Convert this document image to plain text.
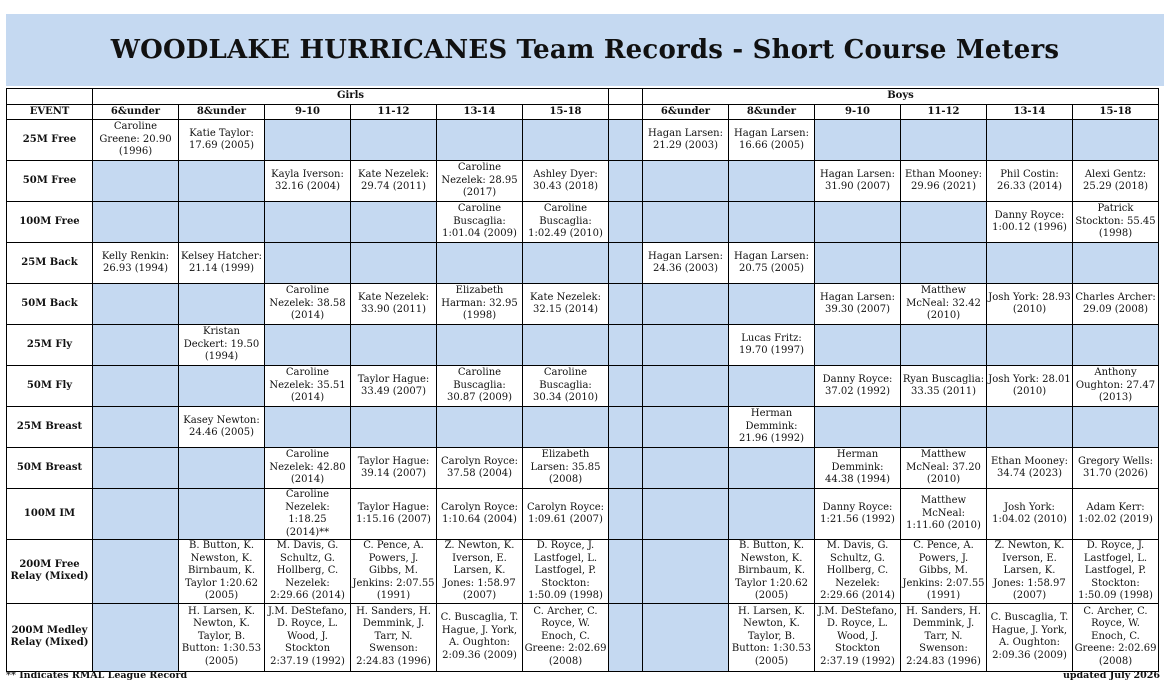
WOODLAKE HURRICANES Team Records - Short Course Meters
	Girls							Boys					
EVENT	6&under	8&under	9-10	11-12	13-14	15-18		6&under	8&under	9-10	11-12	13-14	15-18
25M Free	Caroline Greene: 20.90 (1996)	Katie Taylor: 17.69 (2005)						Hagan Larsen: 21.29 (2003)	Hagan Larsen: 16.66 (2005)				
50M Free			Kayla Iverson: 32.16 (2004)	Kate Nezelek: 29.74 (2011)	Caroline Nezelek: 28.95 (2017)	Ashley Dyer: 30.43 (2018)				Hagan Larsen: 31.90 (2007)	Ethan Mooney: 29.96 (2021)	Phil Costin: 26.33 (2014)	Alexi Gentz: 25.29 (2018)
100M Free					Caroline Buscaglia: 1:01.04 (2009)	Caroline Buscaglia: 1:02.49 (2010)						Danny Royce: 1:00.12 (1996)	Patrick Stockton: 55.45 (1998)
25M Back	Kelly Renkin: 26.93 (1994)	Kelsey Hatcher: 21.14 (1999)						Hagan Larsen: 24.36 (2003)	Hagan Larsen: 20.75 (2005)				
50M Back			Caroline Nezelek: 38.58 (2014)	Kate Nezelek: 33.90 (2011)	Elizabeth Harman: 32.95 (1998)	Kate Nezelek: 32.15 (2014)				Hagan Larsen: 39.30 (2007)	Matthew McNeal: 32.42 (2010)	Josh York: 28.93 (2010)	Charles Archer: 29.09 (2008)
25M Fly		Kristan Deckert: 19.50 (1994)							Lucas Fritz: 19.70 (1997)				
50M Fly			Caroline Nezelek: 35.51 (2014)	Taylor Hague: 33.49 (2007)	Caroline Buscaglia: 30.87 (2009)	Caroline Buscaglia: 30.34 (2010)				Danny Royce: 37.02 (1992)	Ryan Buscaglia: 33.35 (2011)	Josh York: 28.01 (2010)	Anthony Oughton: 27.47 (2013)
25M Breast		Kasey Newton: 24.46 (2005)							Herman Demmink: 21.96 (1992)				
50M Breast			Caroline Nezelek: 42.80 (2014)	Taylor Hague: 39.14 (2007)	Carolyn Royce: 37.58 (2004)	Elizabeth Larsen: 35.85 (2008)				Herman Demmink: 44.38 (1994)	Matthew McNeal: 37.20 (2010)	Ethan Mooney: 34.74 (2023)	Gregory Wells: 31.70 (2026)
100M IM			Caroline Nezelek: 1:18.25 (2014)**	Taylor Hague: 1:15.16 (2007)	Carolyn Royce: 1:10.64 (2004)	Carolyn Royce: 1:09.61 (2007)				Danny Royce: 1:21.56 (1992)	Matthew McNeal: 1:11.60 (2010)	Josh York: 1:04.02 (2010)	Adam Kerr: 1:02.02 (2019)
200M Free Relay (Mixed)		B. Button, K. Newston, K. Birnbaum, K. Taylor 1:20.62 (2005)	M. Davis, G. Schultz, G. Hollberg, C. Nezelek: 2:29.66 (2014)	C. Pence, A. Powers, J. Gibbs, M. Jenkins: 2:07.55 (1991)	Z. Newton, K. Iverson, E. Larsen, K. Jones: 1:58.97 (2007)	D. Royce, J. Lastfogel, L. Lastfogel, P. Stockton: 1:50.09 (1998)			B. Button, K. Newston, K. Birnbaum, K. Taylor 1:20.62 (2005)	M. Davis, G. Schultz, G. Hollberg, C. Nezelek: 2:29.66 (2014)	C. Pence, A. Powers, J. Gibbs, M. Jenkins: 2:07.55 (1991)	Z. Newton, K. Iverson, E. Larsen, K. Jones: 1:58.97 (2007)	D. Royce, J. Lastfogel, L. Lastfogel, P. Stockton: 1:50.09 (1998)
200M Medley Relay (Mixed)		H. Larsen, K. Newton, K. Taylor, B. Button: 1:30.53 (2005)	J.M. DeStefano, D. Royce, L. Wood, J. Stockton 2:37.19 (1992)	H. Sanders, H. Demmink, J. Tarr, N. Swenson: 2:24.83 (1996)	C. Buscaglia, T. Hague, J. York, A. Oughton: 2:09.36 (2009)	C. Archer, C. Royce, W. Enoch, C. Greene: 2:02.69 (2008)			H. Larsen, K. Newton, K. Taylor, B. Button: 1:30.53 (2005)	J.M. DeStefano, D. Royce, L. Wood, J. Stockton 2:37.19 (1992)	H. Sanders, H. Demmink, J. Tarr, N. Swenson: 2:24.83 (1996)	C. Buscaglia, T. Hague, J. York, A. Oughton: 2:09.36 (2009)	C. Archer, C. Royce, W. Enoch, C. Greene: 2:02.69 (2008)
** Indicates RMAL League Record	updated July 2026
